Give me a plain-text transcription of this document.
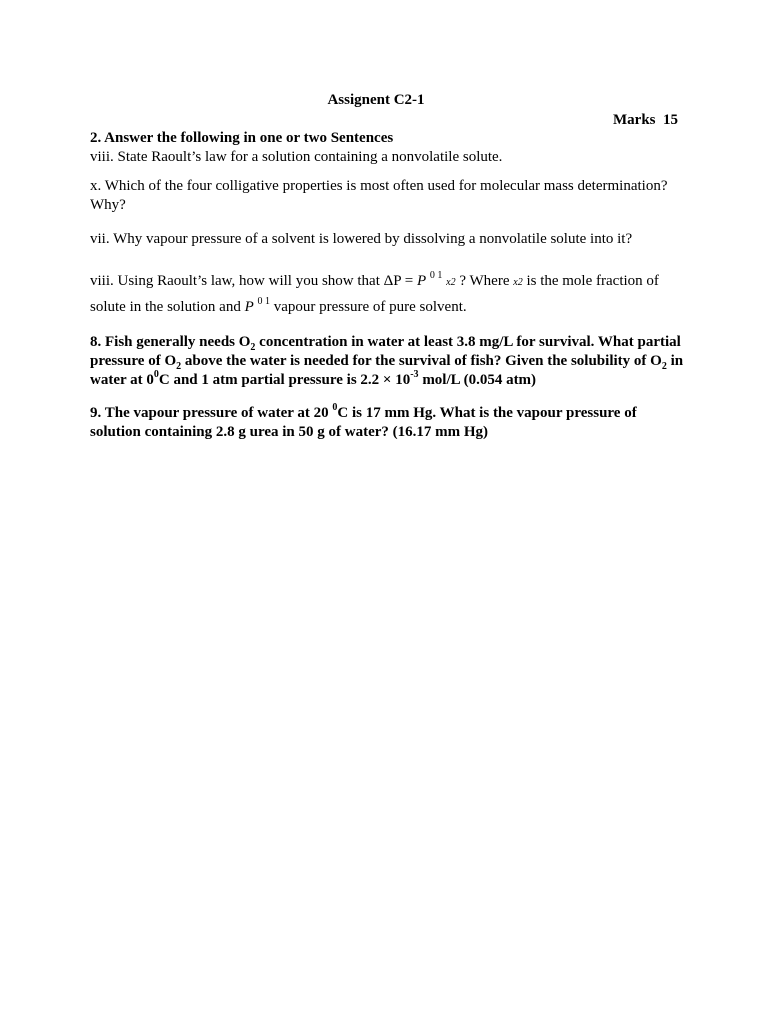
Assignent C2-1
Marks  15
2. Answer the following in one or two Sentences
viii. State Raoult’s law for a solution containing a nonvolatile solute.
x. Which of the four colligative properties is most often used for molecular mass determination? Why?
vii. Why vapour pressure of a solvent is lowered by dissolving a nonvolatile solute into it?
viii. Using Raoult’s law, how will you show that ΔP = P $^{0 1}$ x2 ? Where x2 is the mole fraction of
solute in the solution and P $^{0 1}$ vapour pressure of pure solvent.
8. Fish generally needs $O_2$ concentration in water at least 3.8 mg/L for survival. What partial pressure of $O_2$ above the water is needed for the survival of fish? Given the solubility of $O_2$ in water at $0^0C$ and 1 atm partial pressure is $2.2 \times 10^{-3}$ mol/L (0.054 atm)
9. The vapour pressure of water at 20 $^0$C is 17 mm Hg. What is the vapour pressure of solution containing 2.8 g urea in 50 g of water? (16.17 mm Hg)
